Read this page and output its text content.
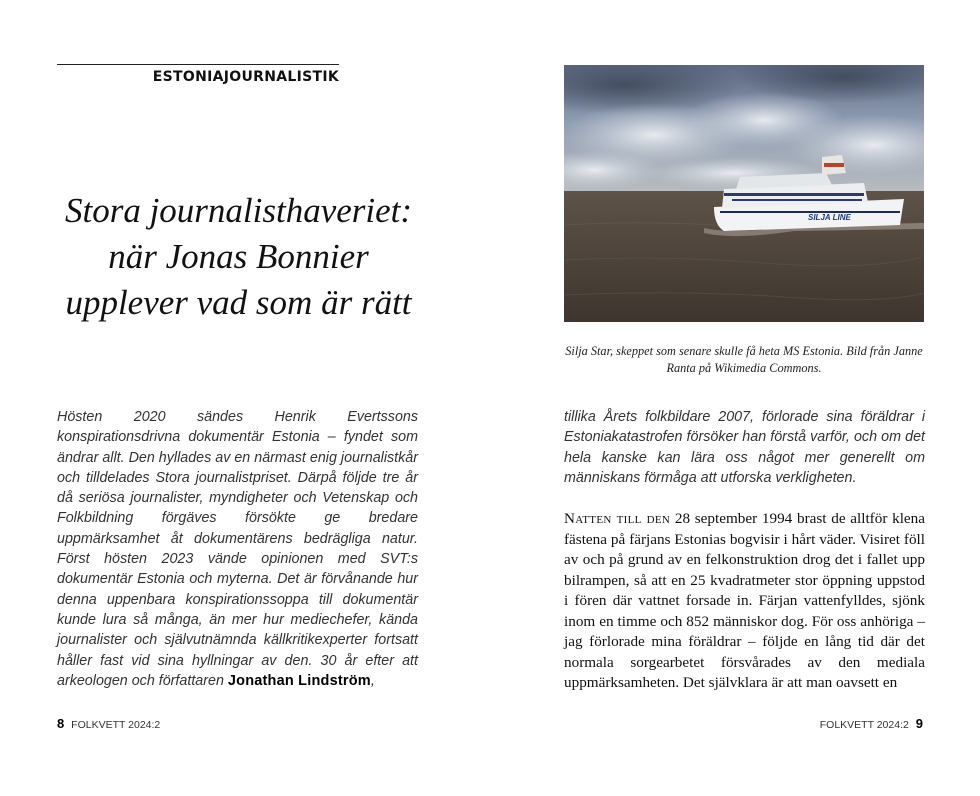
ESTONIAJOURNALISTIK
Stora journalisthaveriet:
när Jonas Bonnier
upplever vad som är rätt

Hösten 2020 sändes Henrik Evertssons konspirationsdrivna dokumentär Estonia – fyndet som ändrar allt. Den hyllades av en närmast enig journalistkår och tilldelades Stora journalistpriset. Därpå följde tre år då seriösa journalister, myndigheter och Vetenskap och Folkbildning förgäves försökte ge bredare uppmärksamhet åt dokumentärens bedrägliga natur. Först hösten 2023 vände opinionen med SVT:s dokumentär Estonia och myterna. Det är förvånande hur denna uppenbara konspirationssoppa till dokumentär kunde lura så många, än mer hur mediechefer, kända journalister och självutnämnda källkritikexperter fortsatt håller fast vid sina hyllningar av den. 30 år efter att arkeologen och författaren Jonathan Lindström,

8 FOLKVETT 2024:2
SILJA LINE

Silja Star, skeppet som senare skulle få heta MS Estonia. Bild från Janne Ranta på Wikimedia Commons.

tillika Årets folkbildare 2007, förlorade sina föräldrar i Estoniakatastrofen försöker han förstå varför, och om det hela kanske kan lära oss något mer generellt om människans förmåga att utforska verkligheten.

Natten till den 28 september 1994 brast de alltför klena fästena på färjans Estonias bogvisir i hårt väder. Visiret föll av och på grund av en felkonstruktion drog det i fallet upp bilrampen, så att en 25 kvadratmeter stor öppning uppstod i fören där vattnet forsade in. Färjan vattenfylldes, sjönk inom en timme och 852 människor dog. För oss anhöriga – jag förlorade mina föräldrar – följde en lång tid där det normala sorgearbetet försvårades av den mediala uppmärksamheten. Det självklara är att man oavsett en

FOLKVETT 2024:2 9
